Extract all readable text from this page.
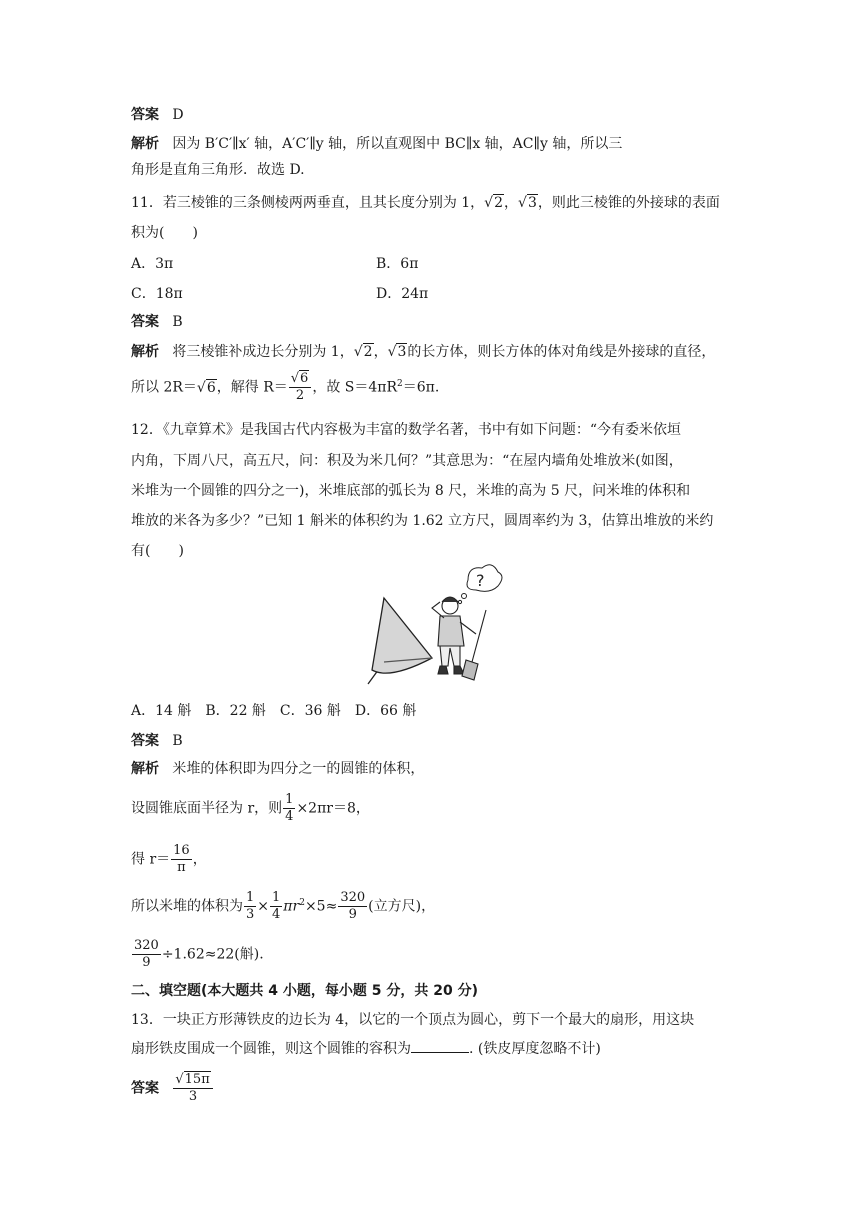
答案 D
解析 因为 B′C′∥x′ 轴，A′C′∥y 轴，所以直观图中 BC∥x 轴，AC∥y 轴，所以三
角形是直角三角形．故选 D.
11．若三棱锥的三条侧棱两两垂直，且其长度分别为 1，√2，√3，则此三棱锥的外接球的表面
积为(　　)
A．3π	B．6π
C．18π	D．24π
答案 B
解析 将三棱锥补成边长分别为 1，√2，√3的长方体，则长方体的体对角线是外接球的直径，
所以 2R＝√6，解得 $R= \frac{√6}{2}$ ，故 $S=4\pi R^2=6\pi$.
12．《九章算术》是我国古代内容极为丰富的数学名著，书中有如下问题：“今有委米依垣
内角，下周八尺，高五尺，问：积及为米几何？”其意思为：“在屋内墙角处堆放米(如图，
米堆为一个圆锥的四分之一)，米堆底部的弧长为 8 尺，米堆的高为 5 尺，问米堆的体积和
堆放的米各为多少？”已知 1 斛米的体积约为 1.62 立方尺，圆周率约为 3，估算出堆放的米约
有(　　)
?
A．14 斛　B．22 斛　C．36 斛　D．66 斛
答案 B
解析 米堆的体积即为四分之一的圆锥的体积，
设圆锥底面半径为 r，则 $\frac{1}{4} \times 2\pi r=8$，
得 $r= \frac{16}{\pi}$ ，
所以米堆的体积为 $\frac{1}{3} \times \frac{1}{4} \pi r^2\times 5\approx \frac{320}{9}$ (立方尺)，
$\frac{320}{9} \div 1.62\approx 22$(斛).
二、填空题(本大题共 4 小题，每小题 5 分，共 20 分)
13．一块正方形薄铁皮的边长为 4，以它的一个顶点为圆心，剪下一个最大的扇形，用这块
扇形铁皮围成一个圆锥，则这个圆锥的容积为	. (铁皮厚度忽略不计)
答案 $\frac{√15\pi}{3}$
